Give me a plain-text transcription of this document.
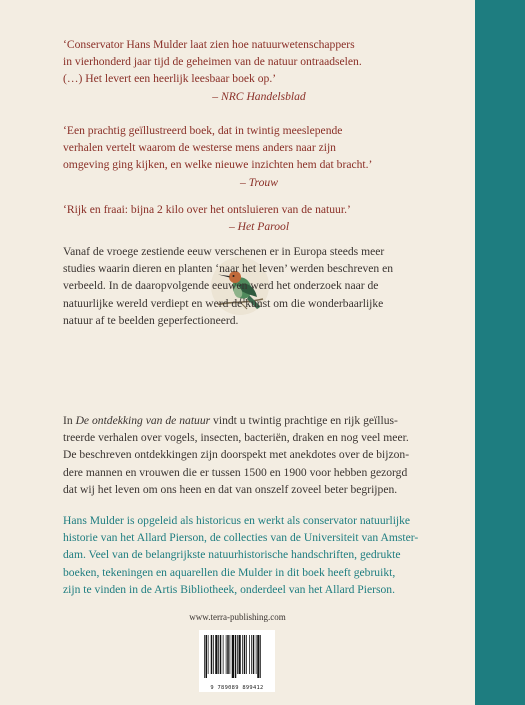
‘Conservator Hans Mulder laat zien hoe natuurwetenschappers
in vierhonderd jaar tijd de geheimen van de natuur ontraadselen.
(…) Het levert een heerlijk leesbaar boek op.’
– NRC Handelsblad
‘Een prachtig geïllustreerd boek, dat in twintig meeslepende
verhalen vertelt waarom de westerse mens anders naar zijn
omgeving ging kijken, en welke nieuwe inzichten hem dat bracht.’
– Trouw
‘Rijk en fraai: bijna 2 kilo over het ontsluieren van de natuur.’
– Het Parool
Vanaf de vroege zestiende eeuw verschenen er in Europa steeds meer
studies waarin dieren en planten ‘naar het leven’ werden beschreven en
verbeeld. In de daaropvolgende eeuwen werd het onderzoek naar de
natuurlijke wereld verdiept en werd de kunst om die wonderbaarlijke
natuur af te beelden geperfectioneerd.
In De ontdekking van de natuur vindt u twintig prachtige en rijk geïllus-
treerde verhalen over vogels, insecten, bacteriën, draken en nog veel meer.
De beschreven ontdekkingen zijn doorspekt met anekdotes over de bijzon-
dere mannen en vrouwen die er tussen 1500 en 1900 voor hebben gezorgd
dat wij het leven om ons heen en dat van onszelf zoveel beter begrijpen.
Hans Mulder is opgeleid als historicus en werkt als conservator natuurlijke
historie van het Allard Pierson, de collecties van de Universiteit van Amster-
dam. Veel van de belangrijkste natuurhistorische handschriften, gedrukte
boeken, tekeningen en aquarellen die Mulder in dit boek heeft gebruikt,
zijn te vinden in de Artis Bibliotheek, onderdeel van het Allard Pierson.
www.terra-publishing.com
9 789089 899412
